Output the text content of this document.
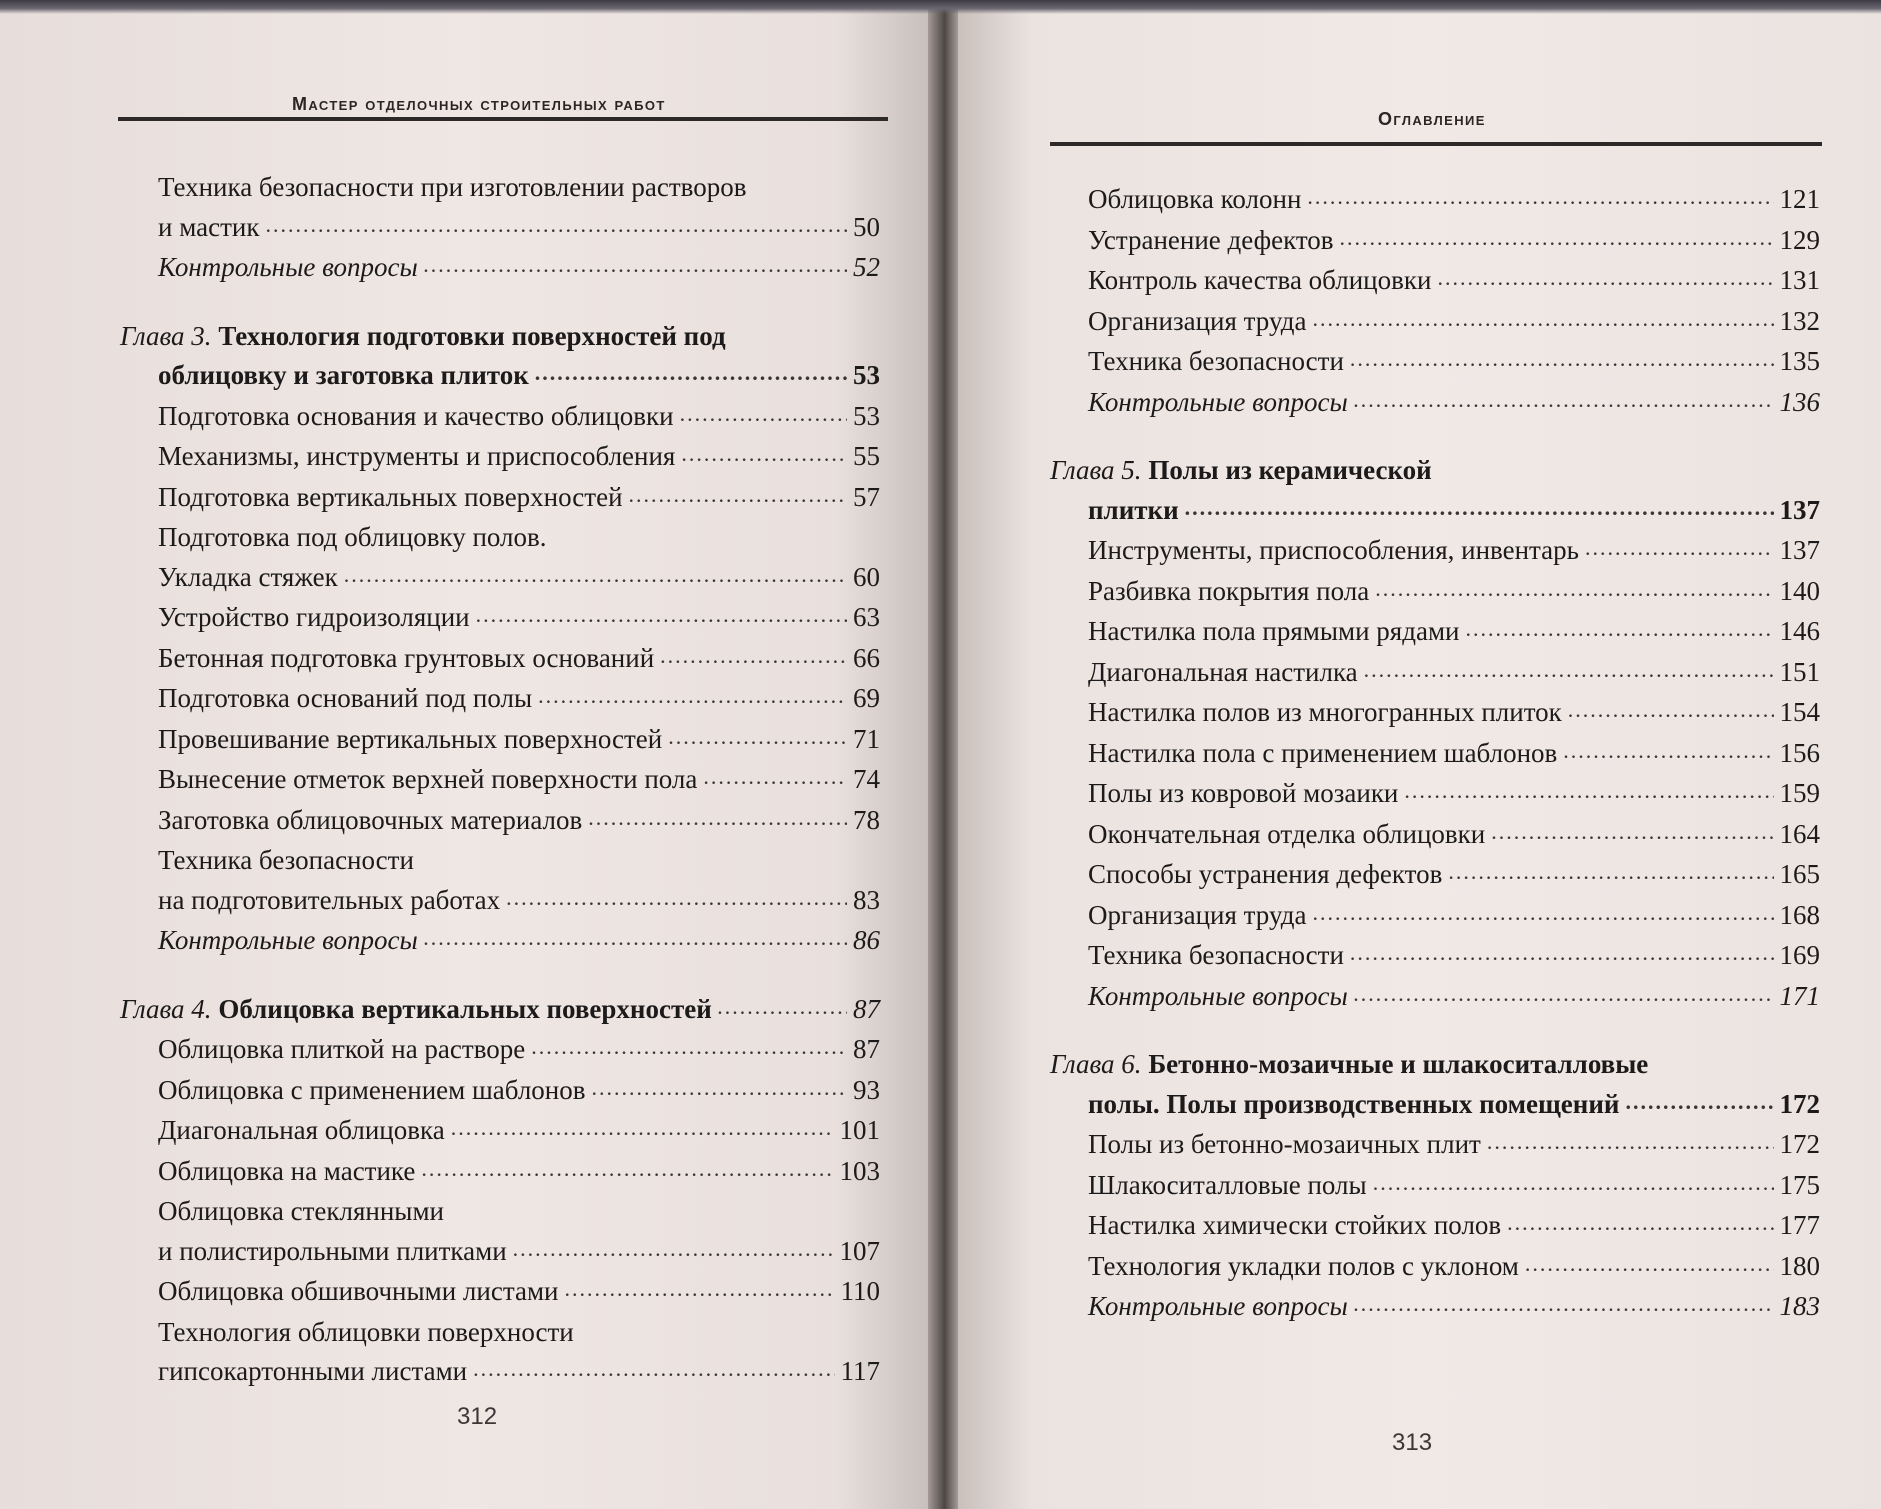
Мастер отделочных строительных работ
Оглавление
Техника безопасности при изготовлении растворов
и мастик .....	50
Контрольные вопросы .....	52
Глава 3. Технология подготовки поверхностей под
облицовку и заготовка плиток .....	53
Подготовка основания и качество облицовки .....	53
Механизмы, инструменты и приспособления .....	55
Подготовка вертикальных поверхностей .....	57
Подготовка под облицовку полов.
Укладка стяжек .....	60
Устройство гидроизоляции .....	63
Бетонная подготовка грунтовых оснований .....	66
Подготовка оснований под полы .....	69
Провешивание вертикальных поверхностей .....	71
Вынесение отметок верхней поверхности пола .....	74
Заготовка облицовочных материалов .....	78
Техника безопасности
на подготовительных работах .....	83
Контрольные вопросы .....	86
Глава 4. Облицовка вертикальных поверхностей .....	87
Облицовка плиткой на растворе .....	87
Облицовка с применением шаблонов .....	93
Диагональная облицовка .....	101
Облицовка на мастике .....	103
Облицовка стеклянными
и полистирольными плитками .....	107
Облицовка обшивочными листами .....	110
Технология облицовки поверхности
гипсокартонными листами .....	117
Облицовка колонн .....	121
Устранение дефектов .....	129
Контроль качества облицовки .....	131
Организация труда .....	132
Техника безопасности .....	135
Контрольные вопросы .....	136
Глава 5. Полы из керамической
плитки .....	137
Инструменты, приспособления, инвентарь .....	137
Разбивка покрытия пола .....	140
Настилка пола прямыми рядами .....	146
Диагональная настилка .....	151
Настилка полов из многогранных плиток .....	154
Настилка пола с применением шаблонов .....	156
Полы из ковровой мозаики .....	159
Окончательная отделка облицовки .....	164
Способы устранения дефектов .....	165
Организация труда .....	168
Техника безопасности .....	169
Контрольные вопросы .....	171
Глава 6. Бетонно-мозаичные и шлакоситалловые
полы. Полы производственных помещений .....	172
Полы из бетонно-мозаичных плит .....	172
Шлакоситалловые полы .....	175
Настилка химически стойких полов .....	177
Технология укладки полов с уклоном .....	180
Контрольные вопросы .....	183
312
313
